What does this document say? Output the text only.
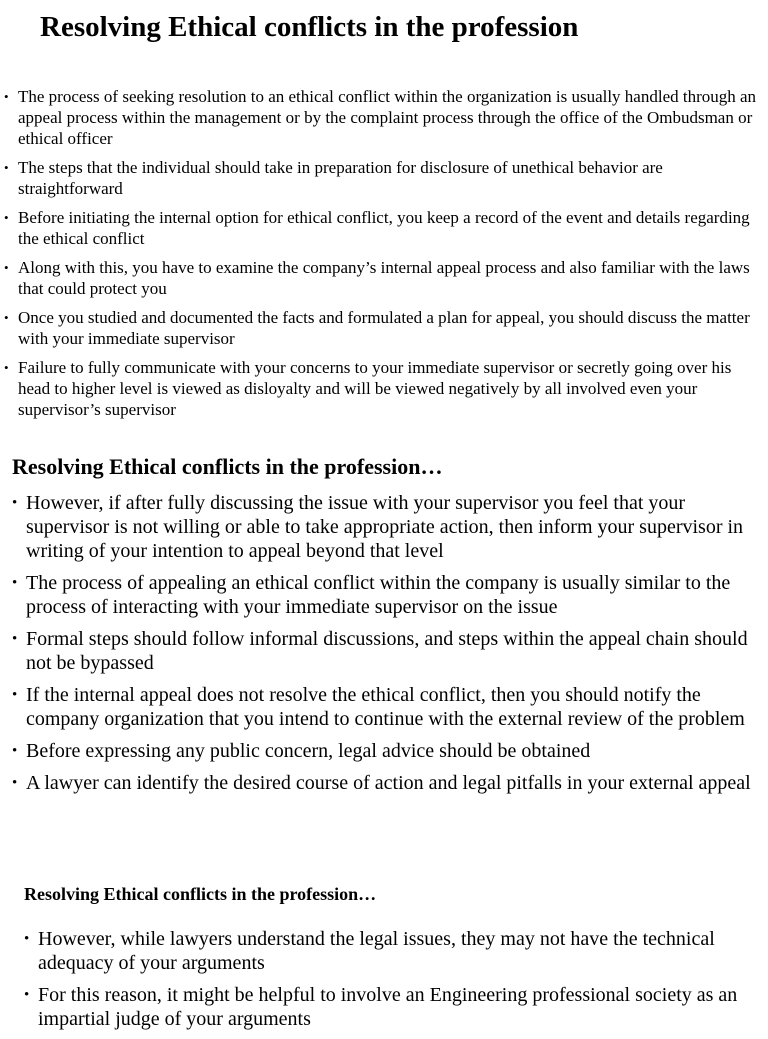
Resolving Ethical conflicts in the profession
• The process of seeking resolution to an ethical conflict within the organization is usually handled through an appeal process within the management or by the complaint process through the office of the Ombudsman or ethical officer
• The steps that the individual should take in preparation for disclosure of unethical behavior are straightforward
• Before initiating the internal option for ethical conflict, you keep a record of the event and details regarding the ethical conflict
• Along with this, you have to examine the company’s internal appeal process and also familiar with the laws that could protect you
• Once you studied and documented the facts and formulated a plan for appeal, you should discuss the matter with your immediate supervisor
• Failure to fully communicate with your concerns to your immediate supervisor or secretly going over his head to higher level is viewed as disloyalty and will be viewed negatively by all involved even your supervisor’s supervisor
Resolving Ethical conflicts in the profession…
• However, if after fully discussing the issue with your supervisor you feel that your supervisor is not willing or able to take appropriate action, then inform your supervisor in writing of your intention to appeal beyond that level
• The process of appealing an ethical conflict within the company is usually similar to the process of interacting with your immediate supervisor on the issue
• Formal steps should follow informal discussions, and steps within the appeal chain should not be bypassed
• If the internal appeal does not resolve the ethical conflict, then you should notify the company organization that you intend to continue with the external review of the problem
• Before expressing any public concern, legal advice should be obtained
• A lawyer can identify the desired course of action and legal pitfalls in your external appeal
Resolving Ethical conflicts in the profession…
• However, while lawyers understand the legal issues, they may not have the technical adequacy of your arguments
• For this reason, it might be helpful to involve an Engineering professional society as an impartial judge of your arguments
